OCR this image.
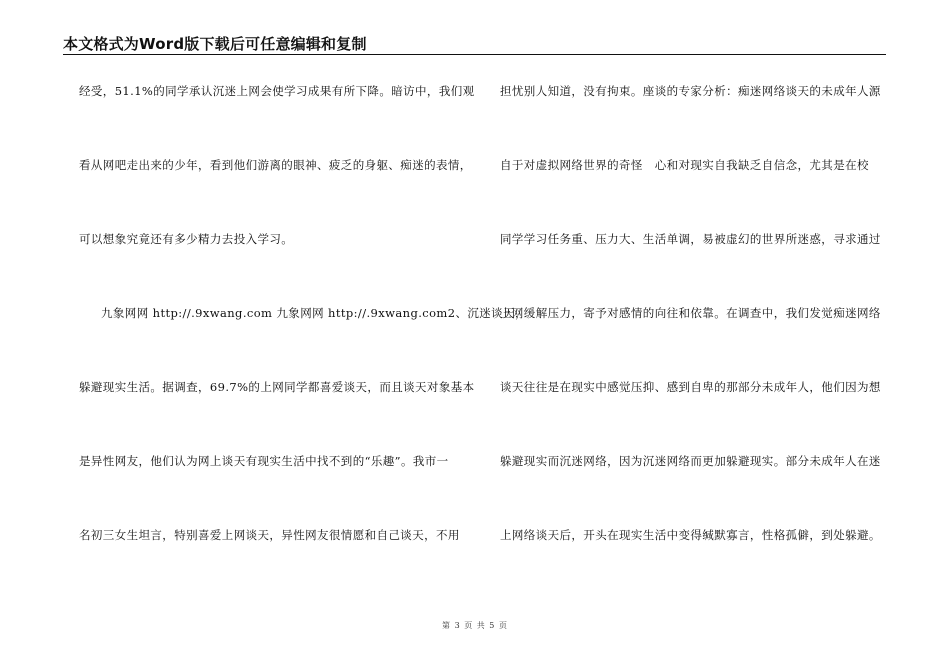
本文格式为Word版下载后可任意编辑和复制
经受，51.1%的同学承认沉迷上网会使学习成果有所下降。暗访中，我们观
看从网吧走出来的少年，看到他们游离的眼神、疲乏的身躯、痴迷的表情，
可以想象究竟还有多少精力去投入学习。
九象网网 http://.9xwang.com 九象网网 http://.9xwang.com2、沉迷谈天，
躲避现实生活。据调查，69.7%的上网同学都喜爱谈天，而且谈天对象基本
是异性网友，他们认为网上谈天有现实生活中找不到的“乐趣”。我市一
名初三女生坦言，特别喜爱上网谈天，异性网友很情愿和自己谈天，不用
担忧别人知道，没有拘束。座谈的专家分析：痴迷网络谈天的未成年人源
自于对虚拟网络世界的奇怪　心和对现实自我缺乏自信念，尤其是在校
同学学习任务重、压力大、生活单调，易被虚幻的世界所迷惑，寻求通过
上网缓解压力，寄予对感情的向往和依靠。在调查中，我们发觉痴迷网络
谈天往往是在现实中感觉压抑、感到自卑的那部分未成年人，他们因为想
躲避现实而沉迷网络，因为沉迷网络而更加躲避现实。部分未成年人在迷
上网络谈天后，开头在现实生活中变得缄默寡言，性格孤僻，到处躲避。
第 3 页 共 5 页
